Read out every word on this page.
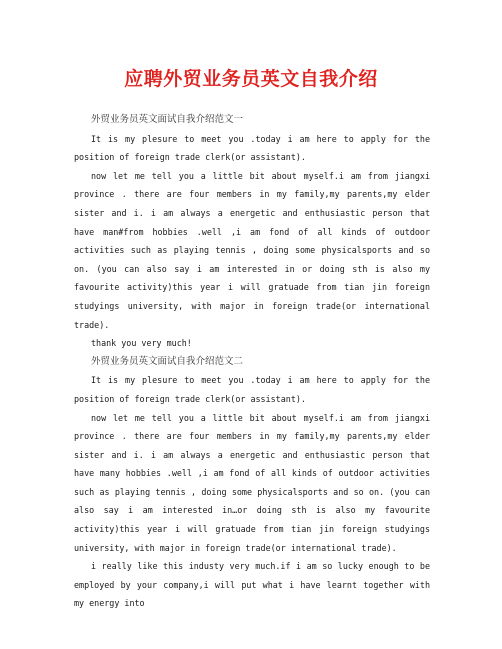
应聘外贸业务员英文自我介绍

外贸业务员英文面试自我介绍范文一

It is my plesure to meet you .today i am here to apply for the position of foreign trade clerk(or assistant).

now let me tell you a little bit about myself.i am from jiangxi province . there are four members in my family,my parents,my elder sister and i. i am always a energetic and enthusiastic person that have man#from hobbies .well ,i am fond of all kinds of outdoor activities such as playing tennis , doing some physicalsports and so on. (you can also say i am interested in or doing sth is also my favourite activity)this year i will gratuade from tian jin foreign studyings university, with major in foreign trade(or international trade).

thank you very much!

外贸业务员英文面试自我介绍范文二

It is my plesure to meet you .today i am here to apply for the position of foreign trade clerk(or assistant).

now let me tell you a little bit about myself.i am from jiangxi province . there are four members in my family,my parents,my elder sister and i. i am always a energetic and enthusiastic person that have many hobbies .well ,i am fond of all kinds of outdoor activities such as playing tennis , doing some physicalsports and so on. (you can also say i am interested in…or doing sth is also my favourite activity)this year i will gratuade from tian jin foreign studyings university, with major in foreign trade(or international trade).

i really like this industy very much.if i am so lucky enough to be employed by your company,i will put what i have learnt together with my energy into
